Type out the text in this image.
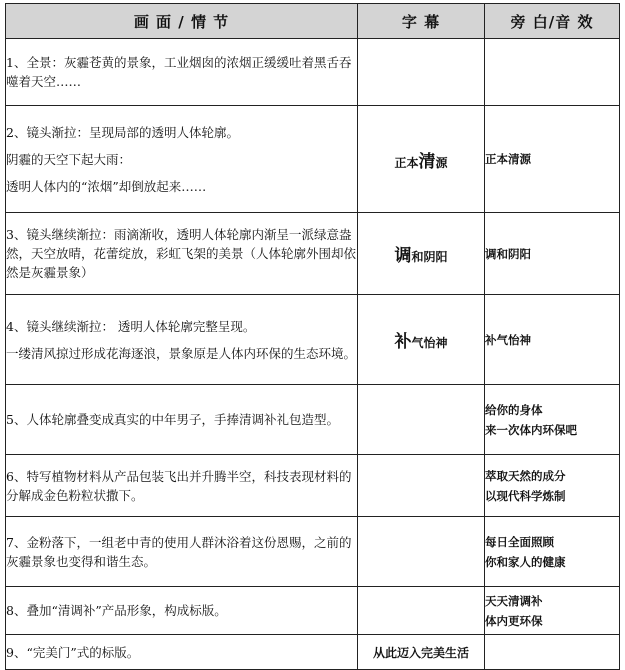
画 面 / 情 节	字 幕	旁 白/音 效

1、全景：灰霾苍黄的景象，工业烟囱的浓烟正缓缓吐着黑舌吞噬着天空……		

2、镜头渐拉：呈现局部的透明人体轮廓。

阴霾的天空下起大雨：

透明人体内的“浓烟”却倒放起来……	正本清源	正本清源

3、镜头继续渐拉：雨滴渐收，透明人体轮廓内渐呈一派绿意盎然，天空放晴，花蕾绽放，彩虹飞架的美景（人体轮廓外围却依然是灰霾景象）	调和阴阳	调和阴阳

4、镜头继续渐拉： 透明人体轮廓完整呈现。

一缕清风掠过形成花海逐浪，景象原是人体内环保的生态环境。	补气怡神	补气怡神

5、人体轮廓叠变成真实的中年男子，手捧清调补礼包造型。		给你的身体
来一次体内环保吧

6、特写植物材料从产品包装飞出并升腾半空，科技表现材料的分解成金色粉粒状撒下。		萃取天然的成分
以现代科学炼制

7、金粉落下，一组老中青的使用人群沐浴着这份恩赐，之前的灰霾景象也变得和谐生态。		每日全面照顾
你和家人的健康

8、叠加“清调补”产品形象，构成标版。		天天清调补
体内更环保

9、“完美门”式的标版。	从此迈入完美生活	
